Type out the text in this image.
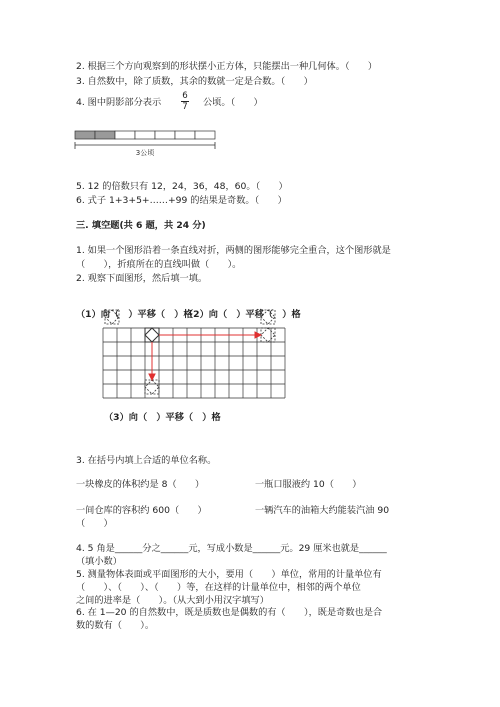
2. 根据三个方向观察到的形状摆小正方体，只能摆出一种几何体。（　　）
3. 自然数中，除了质数，其余的数就一定是合数。（　　）
4. 图中阴影部分表示
6
7 公顷。（　　）
3公顷
5. 12 的倍数只有 12，24，36，48，60。（　　）
6. 式子 1+3+5+……+99 的结果是奇数。（　　）
三. 填空题(共 6 题，共 24 分)
1. 如果一个图形沿着一条直线对折，两侧的图形能够完全重合，这个图形就是
（　　），折痕所在的直线叫做（　　）。
2. 观察下面图形，然后填一填。
（1）向（　）平移（　）格
（2）向（　）平移（　）格
（3）向（　）平移（　）格
3. 在括号内填上合适的单位名称。
一块橡皮的体积约是 8（　　）	一瓶口服液约 10（　　）
一间仓库的容积约 600（　　）	一辆汽车的油箱大约能装汽油 90
（　　）
4. 5 角是______分之______元，写成小数是______元。29 厘米也就是______
（填小数）
5. 测量物体表面或平面图形的大小，要用（　　）单位，常用的计量单位有
（　　）、（　　）、（　　）等，在这样的计量单位中，相邻的两个单位
之间的进率是（　　）。（从大到小用汉字填写）
6. 在 1—20 的自然数中，既是质数也是偶数的有（　　），既是奇数也是合
数的数有（　　）。
